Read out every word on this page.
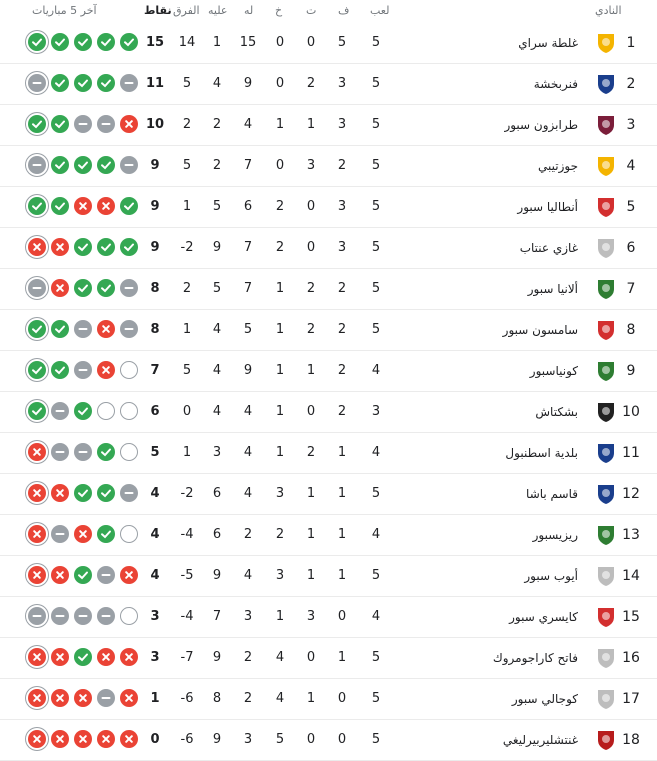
النادي
لعب
ف
ت
خ
له
عليه
الفرق
نقاط
آخر 5 مباريات
1
غلطة سراي
5
5
0
0
15
1
14
15
2
فنربخشة
5
3
2
0
9
4
5
11
3
طرابزون سبور
5
3
1
1
4
2
2
10
4
جوزتيبي
5
2
3
0
7
2
5
9
5
أنطاليا سبور
5
3
0
2
6
5
1
9
6
غازي عنتاب
5
3
0
2
7
9
-2
9
7
ألانيا سبور
5
2
2
1
7
5
2
8
8
سامسون سبور
5
2
2
1
5
4
1
8
9
كونياسبور
4
2
1
1
9
4
5
7
10
بشكتاش
3
2
0
1
4
4
0
6
11
بلدية اسطنبول
4
1
2
1
4
3
1
5
12
قاسم باشا
5
1
1
3
4
6
-2
4
13
ريزيسبور
4
1
1
2
2
6
-4
4
14
أيوب سبور
5
1
1
3
4
9
-5
4
15
كايسري سبور
4
0
3
1
3
7
-4
3
16
فاتح كاراجومروك
5
1
0
4
2
9
-7
3
17
كوجالي سبور
5
0
1
4
2
8
-6
1
18
غنتشليربيرليغي
5
0
0
5
3
9
-6
0
